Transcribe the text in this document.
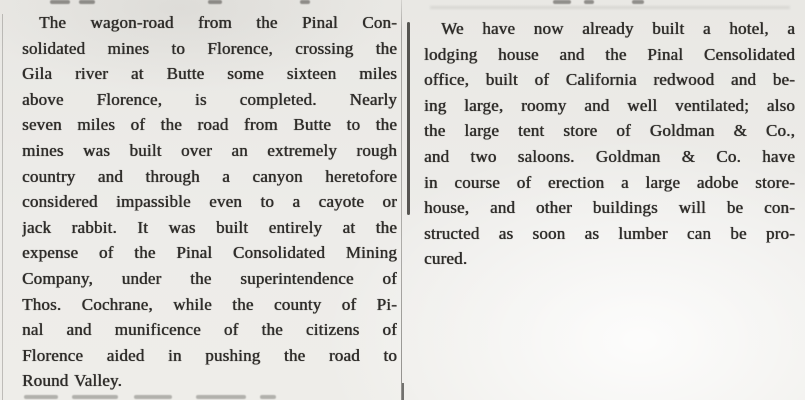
The wagon-road from the Pinal Con-
solidated mines to Florence, crossing the
Gila river at Butte some sixteen miles
above Florence, is completed. Nearly
seven miles of the road from Butte to the
mines was built over an extremely rough
country and through a canyon heretofore
considered impassible even to a cayote or
jack rabbit. It was built entirely at the
expense of the Pinal Consolidated Mining
Company, under the superintendence of
Thos. Cochrane, while the county of Pi-
nal and munificence of the citizens of
Florence aided in pushing the road to
Round Valley.
We have now already built a hotel, a
lodging house and the Pinal Censolidated
office, built of California redwood and be-
ing large, roomy and well ventilated; also
the large tent store of Goldman & Co.,
and two saloons. Goldman & Co. have
in course of erection a large adobe store-
house, and other buildings will be con-
structed as soon as lumber can be pro-
cured.
